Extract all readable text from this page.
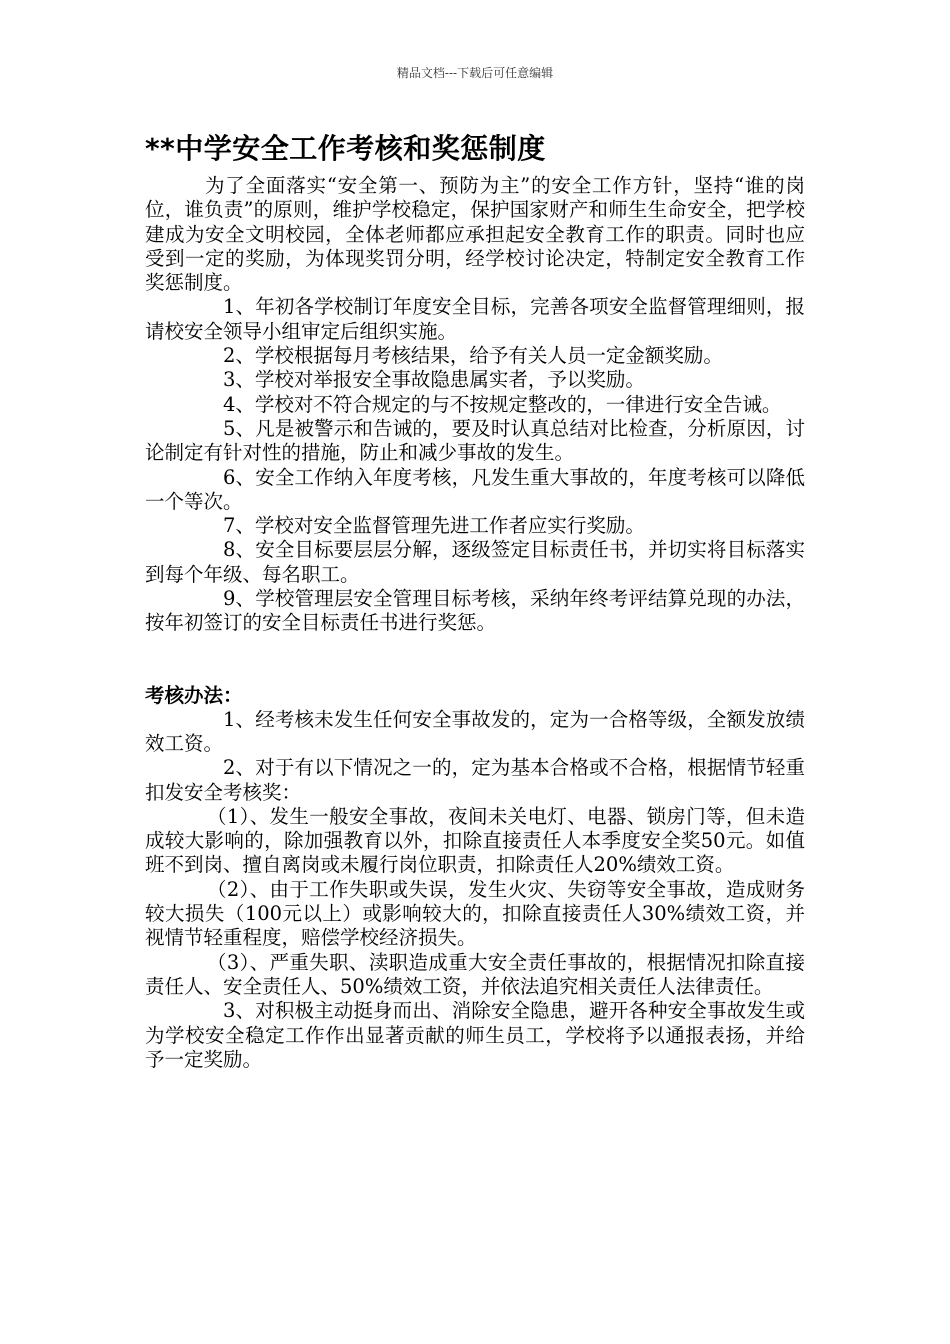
精品文档---下载后可任意编辑
**中学安全工作考核和奖惩制度

为了全面落实“安全第一、预防为主”的安全工作方针，坚持“谁的岗位，谁负责”的原则，维护学校稳定，保护国家财产和师生生命安全，把学校建成为安全文明校园，全体老师都应承担起安全教育工作的职责。同时也应受到一定的奖励，为体现奖罚分明，经学校讨论决定，特制定安全教育工作奖惩制度。

1、年初各学校制订年度安全目标，完善各项安全监督管理细则，报请校安全领导小组审定后组织实施。

2、学校根据每月考核结果，给予有关人员一定金额奖励。

3、学校对举报安全事故隐患属实者，予以奖励。

4、学校对不符合规定的与不按规定整改的，一律进行安全告诫。

5、凡是被警示和告诫的，要及时认真总结对比检查，分析原因，讨论制定有针对性的措施，防止和减少事故的发生。

6、安全工作纳入年度考核，凡发生重大事故的，年度考核可以降低一个等次。

7、学校对安全监督管理先进工作者应实行奖励。

8、安全目标要层层分解，逐级签定目标责任书，并切实将目标落实到每个年级、每名职工。

9、学校管理层安全管理目标考核，采纳年终考评结算兑现的办法，按年初签订的安全目标责任书进行奖惩。

考核办法：

1、经考核未发生任何安全事故发的，定为一合格等级，全额发放绩效工资。

2、对于有以下情况之一的，定为基本合格或不合格，根据情节轻重扣发安全考核奖：

（1）、发生一般安全事故，夜间未关电灯、电器、锁房门等，但未造成较大影响的，除加强教育以外，扣除直接责任人本季度安全奖50元。如值班不到岗、擅自离岗或未履行岗位职责，扣除责任人20%绩效工资。

（2）、由于工作失职或失误，发生火灾、失窃等安全事故，造成财务较大损失（100元以上）或影响较大的，扣除直接责任人30%绩效工资，并视情节轻重程度，赔偿学校经济损失。

（3）、严重失职、渎职造成重大安全责任事故的，根据情况扣除直接责任人、安全责任人、50%绩效工资，并依法追究相关责任人法律责任。

3、对积极主动挺身而出、消除安全隐患，避开各种安全事故发生或为学校安全稳定工作作出显著贡献的师生员工，学校将予以通报表扬，并给予一定奖励。
